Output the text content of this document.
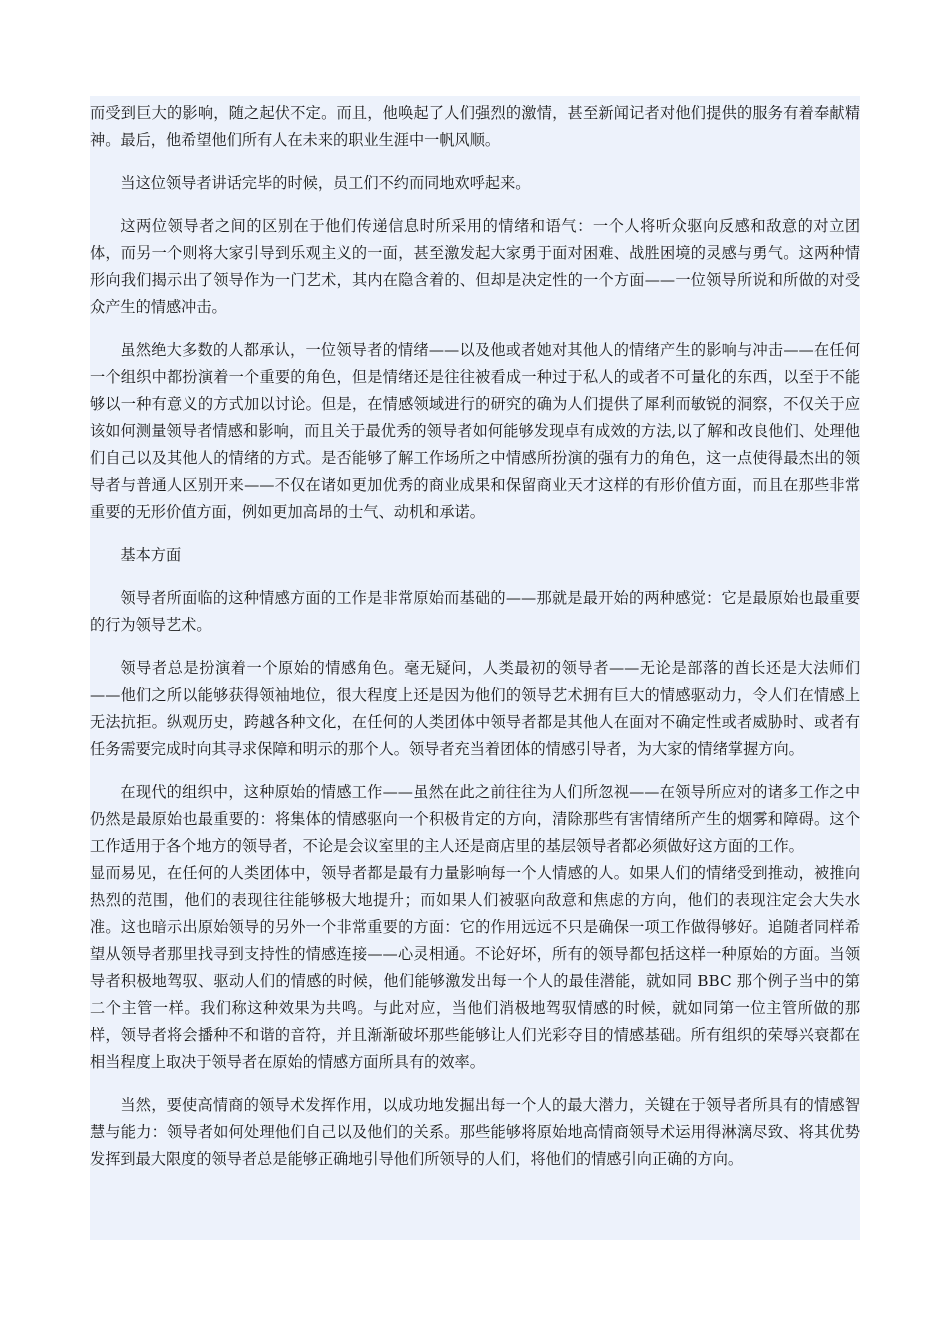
而受到巨大的影响，随之起伏不定。而且，他唤起了人们强烈的激情，甚至新闻记者对他们提供的服务有着奉献精神。最后，他希望他们所有人在未来的职业生涯中一帆风顺。

当这位领导者讲话完毕的时候，员工们不约而同地欢呼起来。

这两位领导者之间的区别在于他们传递信息时所采用的情绪和语气：一个人将听众驱向反感和敌意的对立团体，而另一个则将大家引导到乐观主义的一面，甚至激发起大家勇于面对困难、战胜困境的灵感与勇气。这两种情形向我们揭示出了领导作为一门艺术，其内在隐含着的、但却是决定性的一个方面——一位领导所说和所做的对受众产生的情感冲击。

虽然绝大多数的人都承认，一位领导者的情绪——以及他或者她对其他人的情绪产生的影响与冲击——在任何一个组织中都扮演着一个重要的角色，但是情绪还是往往被看成一种过于私人的或者不可量化的东西，以至于不能够以一种有意义的方式加以讨论。但是，在情感领域进行的研究的确为人们提供了犀利而敏锐的洞察，不仅关于应该如何测量领导者情感和影响，而且关于最优秀的领导者如何能够发现卓有成效的方法,以了解和改良他们、处理他们自己以及其他人的情绪的方式。是否能够了解工作场所之中情感所扮演的强有力的角色，这一点使得最杰出的领导者与普通人区别开来——不仅在诸如更加优秀的商业成果和保留商业天才这样的有形价值方面，而且在那些非常重要的无形价值方面，例如更加高昂的士气、动机和承诺。

基本方面

领导者所面临的这种情感方面的工作是非常原始而基础的——那就是最开始的两种感觉：它是最原始也最重要的行为领导艺术。

领导者总是扮演着一个原始的情感角色。毫无疑问，人类最初的领导者——无论是部落的酋长还是大法师们——他们之所以能够获得领袖地位，很大程度上还是因为他们的领导艺术拥有巨大的情感驱动力，令人们在情感上无法抗拒。纵观历史，跨越各种文化，在任何的人类团体中领导者都是其他人在面对不确定性或者威胁时、或者有任务需要完成时向其寻求保障和明示的那个人。领导者充当着团体的情感引导者，为大家的情绪掌握方向。

在现代的组织中，这种原始的情感工作——虽然在此之前往往为人们所忽视——在领导所应对的诸多工作之中仍然是最原始也最重要的：将集体的情感驱向一个积极肯定的方向，清除那些有害情绪所产生的烟雾和障碍。这个工作适用于各个地方的领导者，不论是会议室里的主人还是商店里的基层领导者都必须做好这方面的工作。

显而易见，在任何的人类团体中，领导者都是最有力量影响每一个人情感的人。如果人们的情绪受到推动，被推向热烈的范围，他们的表现往往能够极大地提升；而如果人们被驱向敌意和焦虑的方向，他们的表现注定会大失水准。这也暗示出原始领导的另外一个非常重要的方面：它的作用远远不只是确保一项工作做得够好。追随者同样希望从领导者那里找寻到支持性的情感连接——心灵相通。不论好坏，所有的领导都包括这样一种原始的方面。当领导者积极地驾驭、驱动人们的情感的时候，他们能够激发出每一个人的最佳潜能，就如同 BBC 那个例子当中的第二个主管一样。我们称这种效果为共鸣。与此对应，当他们消极地驾驭情感的时候，就如同第一位主管所做的那样，领导者将会播种不和谐的音符，并且渐渐破坏那些能够让人们光彩夺目的情感基础。所有组织的荣辱兴衰都在相当程度上取决于领导者在原始的情感方面所具有的效率。

当然，要使高情商的领导术发挥作用，以成功地发掘出每一个人的最大潜力，关键在于领导者所具有的情感智慧与能力：领导者如何处理他们自己以及他们的关系。那些能够将原始地高情商领导术运用得淋漓尽致、将其优势发挥到最大限度的领导者总是能够正确地引导他们所领导的人们，将他们的情感引向正确的方向。
